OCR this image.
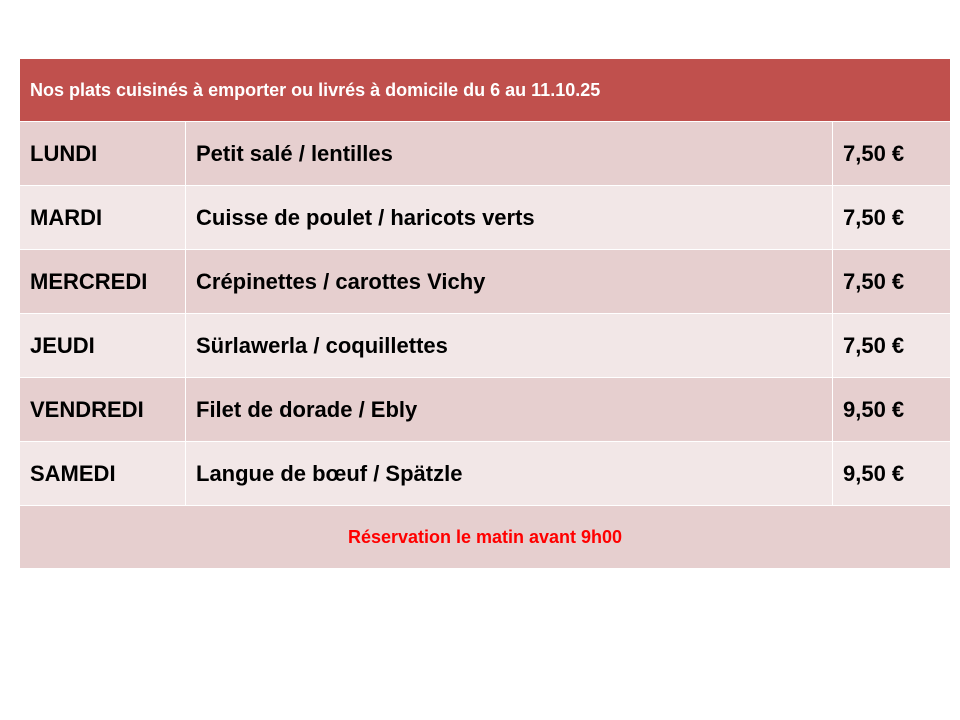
Nos plats cuisinés à emporter ou livrés à domicile du 6 au 11.10.25		
LUNDI	Petit salé / lentilles	7,50 €
MARDI	Cuisse de poulet / haricots verts	7,50 €
MERCREDI	Crépinettes / carottes Vichy	7,50 €
JEUDI	Sürlawerla / coquillettes	7,50 €
VENDREDI	Filet de dorade / Ebly	9,50 €
SAMEDI	Langue de bœuf / Spätzle	9,50 €
Réservation le matin avant 9h00		
